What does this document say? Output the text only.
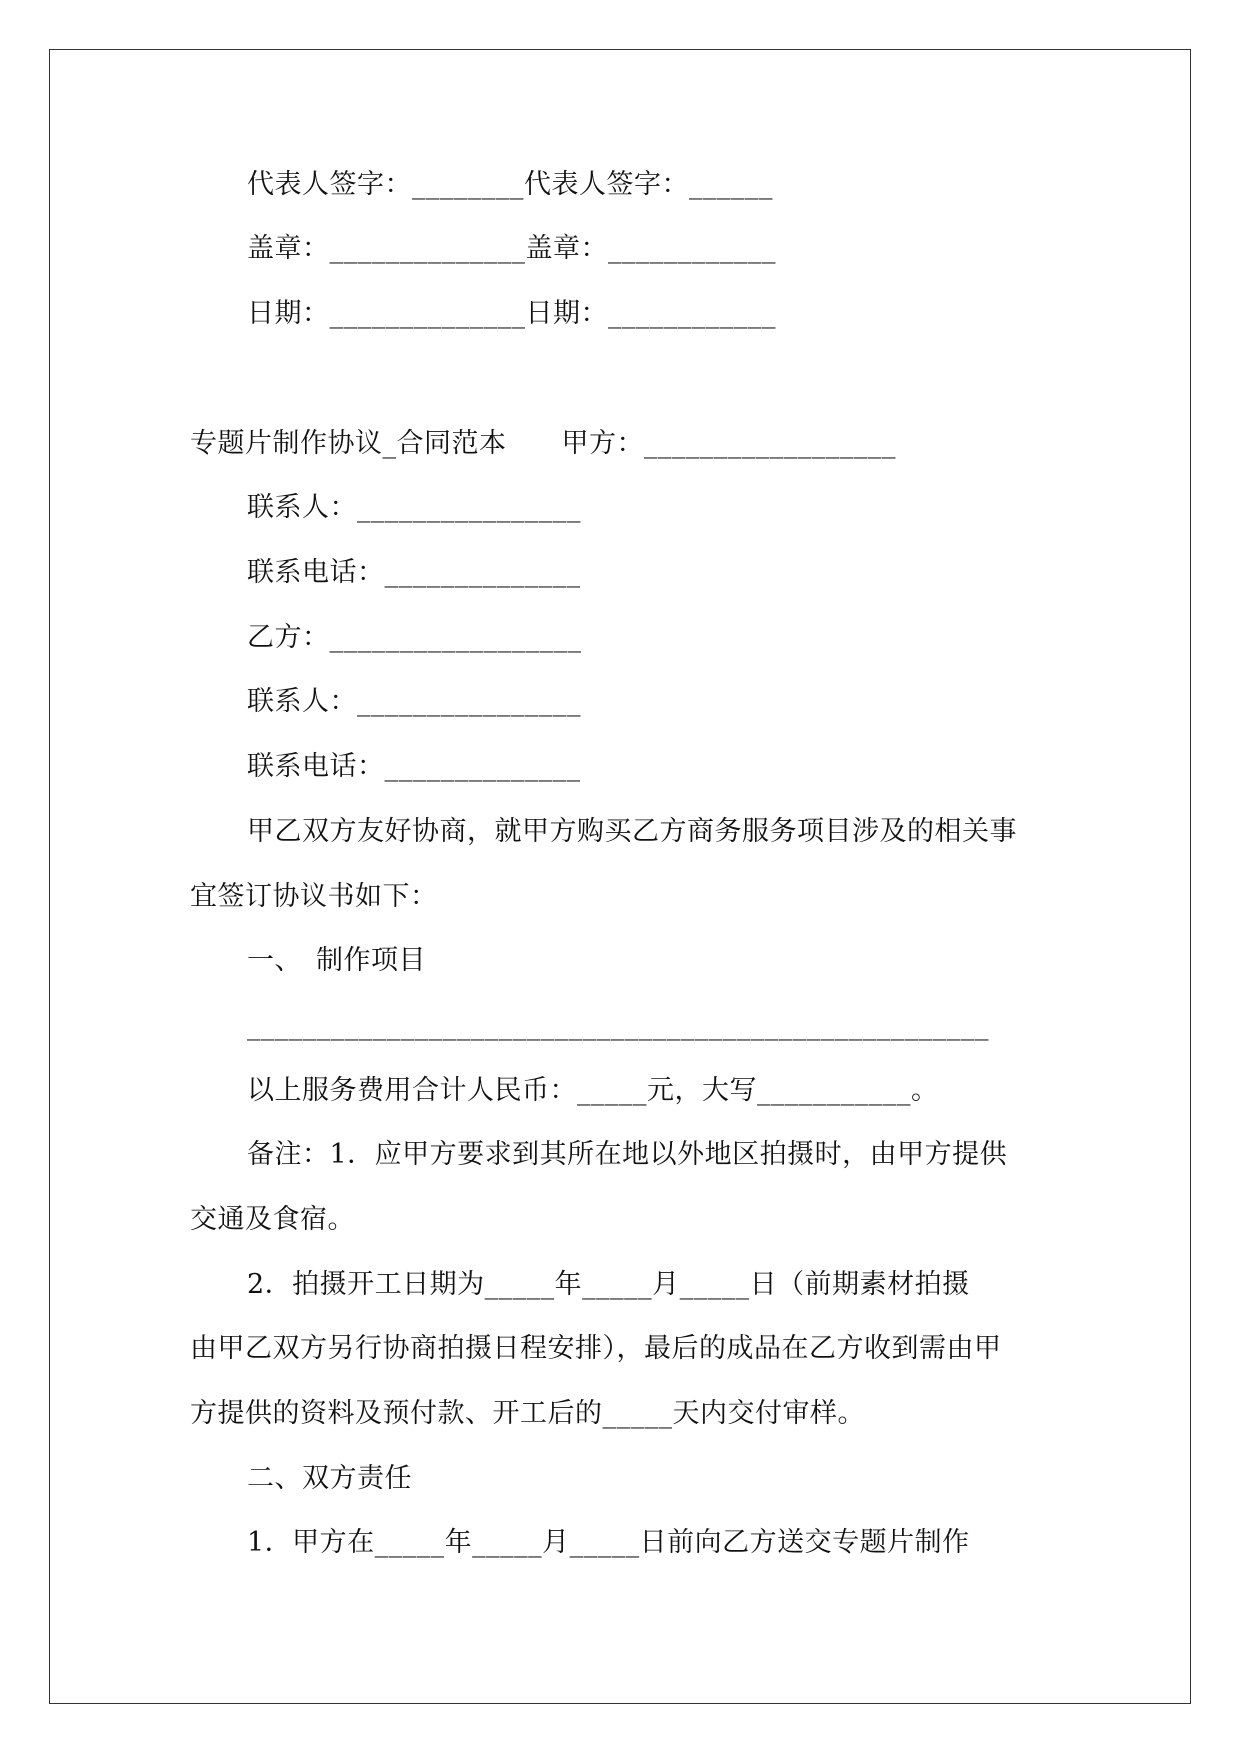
代表人签字：________代表人签字：______
盖章：______________盖章：____________
日期：______________日期：____________
专题片制作协议_合同范本　　甲方：__________________
联系人：________________
联系电话：______________
乙方：__________________
联系人：________________
联系电话：______________
甲乙双方友好协商，就甲方购买乙方商务服务项目涉及的相关事
宜签订协议书如下：
一、　制作项目
_____________________________________________________
以上服务费用合计人民币：_____元，大写___________。
备注：1．应甲方要求到其所在地以外地区拍摄时，由甲方提供
交通及食宿。
2．拍摄开工日期为_____年_____月_____日（前期素材拍摄
由甲乙双方另行协商拍摄日程安排），最后的成品在乙方收到需由甲
方提供的资料及预付款、开工后的_____天内交付审样。
二、双方责任
1．甲方在_____年_____月_____日前向乙方送交专题片制作
